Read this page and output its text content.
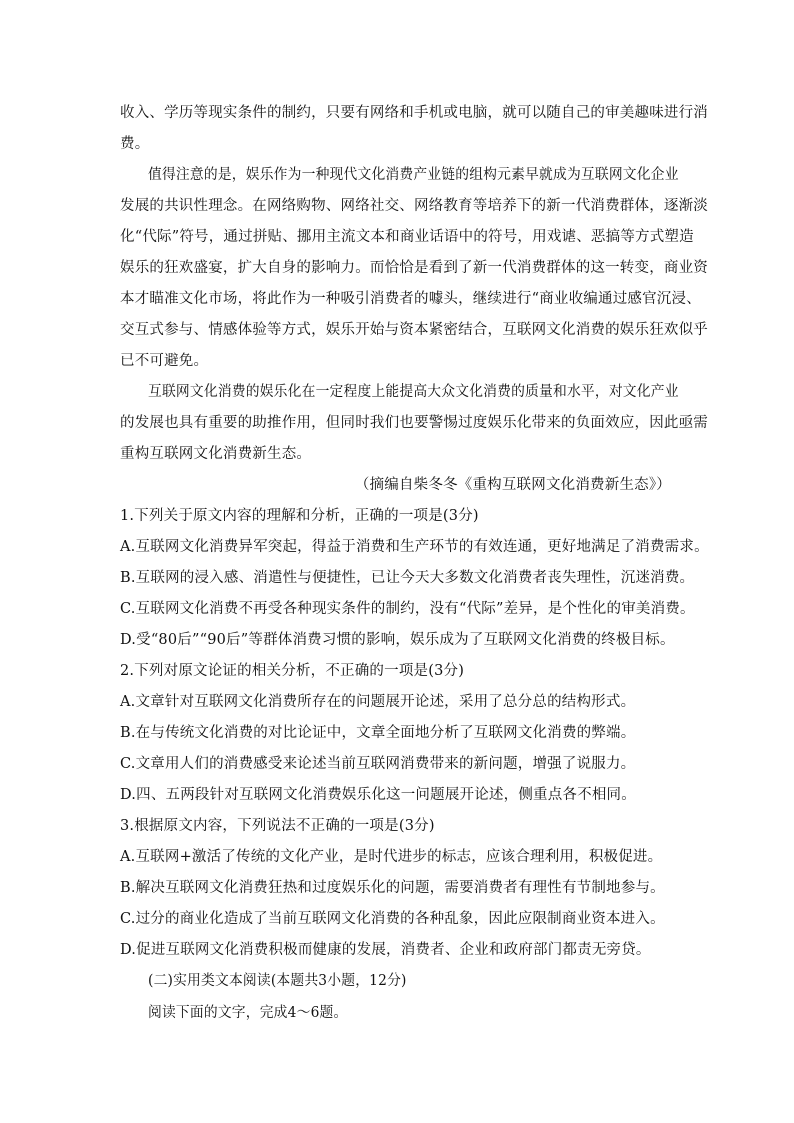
收入、学历等现实条件的制约，只要有网络和手机或电脑，就可以随自己的审美趣味进行消
费。
值得注意的是，娱乐作为一种现代文化消费产业链的组构元素早就成为互联网文化企业
发展的共识性理念。在网络购物、网络社交、网络教育等培养下的新一代消费群体，逐渐淡
化“代际”符号，通过拼贴、挪用主流文本和商业话语中的符号，用戏谑、恶搞等方式塑造
娱乐的狂欢盛宴，扩大自身的影响力。而恰恰是看到了新一代消费群体的这一转变，商业资
本才瞄准文化市场，将此作为一种吸引消费者的噱头，继续进行“商业收编通过感官沉浸、
交互式参与、情感体验等方式，娱乐开始与资本紧密结合，互联网文化消费的娱乐狂欢似乎
已不可避免。
互联网文化消费的娱乐化在一定程度上能提高大众文化消费的质量和水平，对文化产业
的发展也具有重要的助推作用，但同时我们也要警惕过度娱乐化带来的负面效应，因此亟需
重构互联网文化消费新生态。
（摘编自柴冬冬《重构互联网文化消费新生态》）
1.下列关于原文内容的理解和分析，正确的一项是(3分)
A.互联网文化消费异军突起，得益于消费和生产环节的有效连通，更好地满足了消费需求。
B.互联网的浸入感、消遣性与便捷性，已让今天大多数文化消费者丧失理性，沉迷消费。
C.互联网文化消费不再受各种现实条件的制约，没有“代际”差异，是个性化的审美消费。
D.受“80后”“90后”等群体消费习惯的影响，娱乐成为了互联网文化消费的终极目标。
2.下列对原文论证的相关分析，不正确的一项是(3分)
A.文章针对互联网文化消费所存在的问题展开论述，采用了总分总的结构形式。
B.在与传统文化消费的对比论证中，文章全面地分析了互联网文化消费的弊端。
C.文章用人们的消费感受来论述当前互联网消费带来的新问题，增强了说服力。
D.四、五两段针对互联网文化消费娱乐化这一问题展开论述，侧重点各不相同。
3.根据原文内容，下列说法不正确的一项是(3分)
A.互联网+激活了传统的文化产业，是时代进步的标志，应该合理利用，积极促进。
B.解决互联网文化消费狂热和过度娱乐化的问题，需要消费者有理性有节制地参与。
C.过分的商业化造成了当前互联网文化消费的各种乱象，因此应限制商业资本进入。
D.促进互联网文化消费积极而健康的发展，消费者、企业和政府部门都责无旁贷。
(二)实用类文本阅读(本题共3小题，12分)
阅读下面的文字，完成4～6题。
